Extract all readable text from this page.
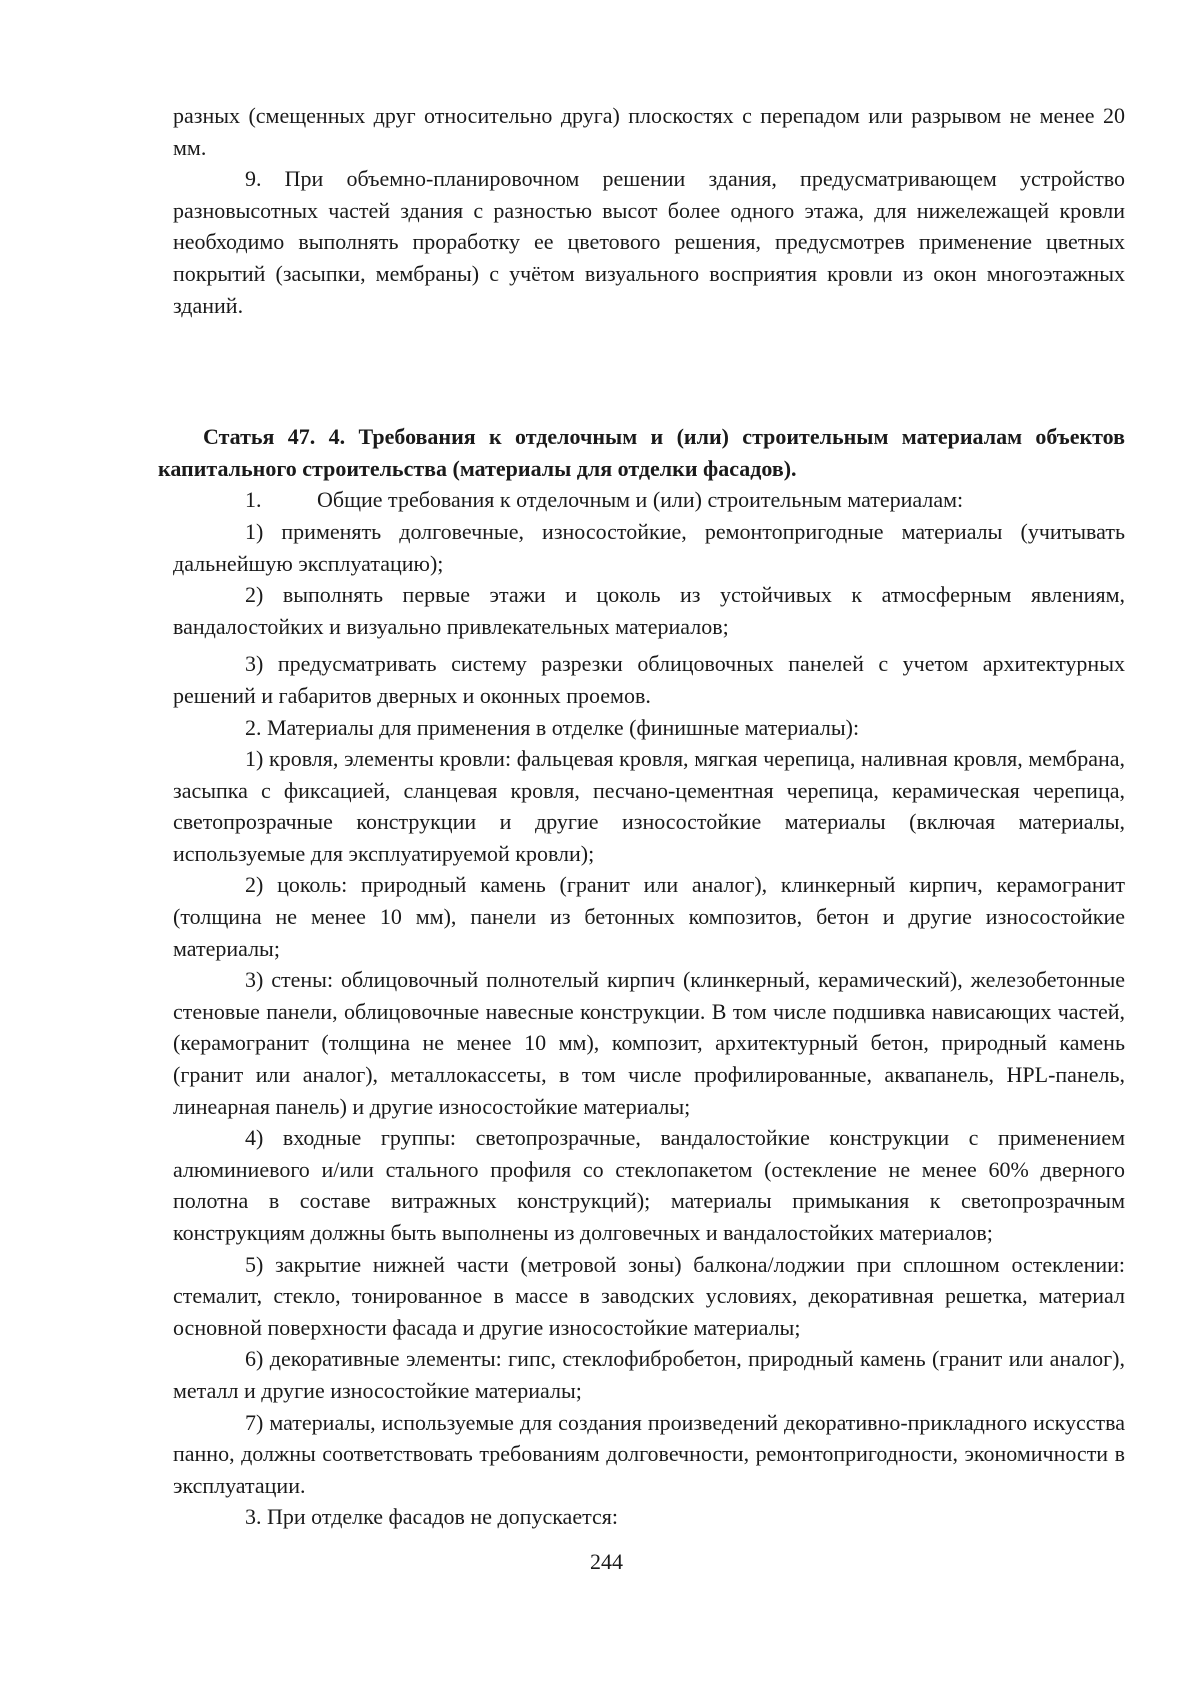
разных (смещенных друг относительно друга) плоскостях с перепадом или разрывом не менее 20 мм.

9. При объемно-планировочном решении здания, предусматривающем устройство разновысотных частей здания с разностью высот более одного этажа, для нижележащей кровли необходимо выполнять проработку ее цветового решения, предусмотрев применение цветных покрытий (засыпки, мембраны) с учётом визуального восприятия кровли из окон многоэтажных зданий.

Статья 47. 4. Требования к отделочным и (или) строительным материалам объектов капитального строительства (материалы для отделки фасадов).

1.	Общие требования к отделочным и (или) строительным материалам:

1) применять долговечные, износостойкие, ремонтопригодные материалы (учитывать дальнейшую эксплуатацию);

2) выполнять первые этажи и цоколь из устойчивых к атмосферным явлениям, вандалостойких и визуально привлекательных материалов;

3) предусматривать систему разрезки облицовочных панелей с учетом архитектурных решений и габаритов дверных и оконных проемов.

2. Материалы для применения в отделке (финишные материалы):

1) кровля, элементы кровли: фальцевая кровля, мягкая черепица, наливная кровля, мембрана, засыпка с фиксацией, сланцевая кровля, песчано-цементная черепица, керамическая черепица, светопрозрачные конструкции и другие износостойкие материалы (включая материалы, используемые для эксплуатируемой кровли);

2) цоколь: природный камень (гранит или аналог), клинкерный кирпич, керамогранит (толщина не менее 10 мм), панели из бетонных композитов, бетон и другие износостойкие материалы;

3) стены: облицовочный полнотелый кирпич (клинкерный, керамический), железобетонные стеновые панели, облицовочные навесные конструкции. В том числе подшивка нависающих частей, (керамогранит (толщина не менее 10 мм), композит, архитектурный бетон, природный камень (гранит или аналог), металлокассеты, в том числе профилированные, аквапанель, HPL-панель, линеарная панель) и другие износостойкие материалы;

4) входные группы: светопрозрачные, вандалостойкие конструкции с применением алюминиевого и/или стального профиля со стеклопакетом (остекление не менее 60% дверного полотна в составе витражных конструкций); материалы примыкания к светопрозрачным конструкциям должны быть выполнены из долговечных и вандалостойких материалов;

5) закрытие нижней части (метровой зоны) балкона/лоджии при сплошном остеклении: стемалит, стекло, тонированное в массе в заводских условиях, декоративная решетка, материал основной поверхности фасада и другие износостойкие материалы;

6) декоративные элементы: гипс, стеклофибробетон, природный камень (гранит или аналог), металл и другие износостойкие материалы;

7) материалы, используемые для создания произведений декоративно-прикладного искусства панно, должны соответствовать требованиям долговечности, ремонтопригодности, экономичности в эксплуатации.

3. При отделке фасадов не допускается:

244
